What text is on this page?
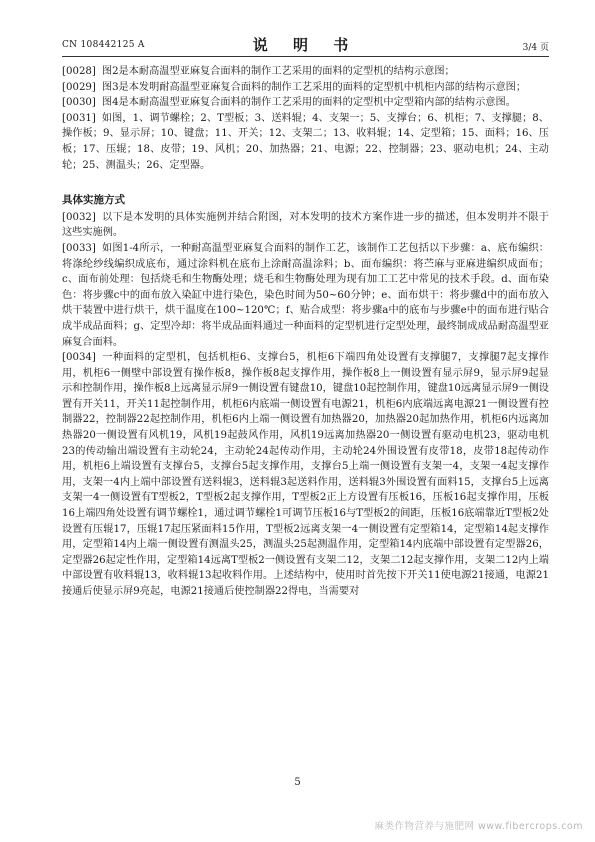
CN 108442125 A	说 明 书	3/4 页

[0028] 图2是本耐高温型亚麻复合面料的制作工艺采用的面料的定型机的结构示意图；

[0029] 图3是本发明耐高温型亚麻复合面料的制作工艺采用的面料的定型机中机柜内部的结构示意图；

[0030] 图4是本耐高温型亚麻复合面料的制作工艺采用的面料的定型机中定型箱内部的结构示意图。

[0031] 如图，1、调节螺栓；2、T型板；3、送料辊；4、支架一；5、支撑台；6、机柜；7、支撑腿；8、操作板；9、显示屏；10、键盘；11、开关；12、支架二；13、收料辊；14、定型箱；15、面料；16、压板；17、压辊；18、皮带；19、风机；20、加热器；21、电源；22、控制器；23、驱动电机；24、主动轮；25、测温头；26、定型器。

具体实施方式

[0032] 以下是本发明的具体实施例并结合附图，对本发明的技术方案作进一步的描述，但本发明并不限于这些实施例。

[0033] 如图1-4所示，一种耐高温型亚麻复合面料的制作工艺，该制作工艺包括以下步骤：a、底布编织：将涤纶纱线编织成底布，通过涂料机在底布上涂耐高温涂料；b、面布编织：将苎麻与亚麻进编织成面布；c、面布前处理：包括烧毛和生物酶处理；烧毛和生物酶处理为现有加工工艺中常见的技术手段。d、面布染色：将步骤c中的面布放入染缸中进行染色，染色时间为50~60分钟；e、面布烘干：将步骤d中的面布放入烘干装置中进行烘干，烘干温度在100~120℃；f、贴合成型：将步骤a中的底布与步骤e中的面布进行贴合成半成品面料；g、定型冷却：将半成品面料通过一种面料的定型机进行定型处理，最终制成成品耐高温型亚麻复合面料。

[0034] 一种面料的定型机，包括机柜6、支撑台5，机柜6下端四角处设置有支撑腿7，支撑腿7起支撑作用，机柜6一侧壁中部设置有操作板8，操作板8起支撑作用，操作板8上一侧设置有显示屏9，显示屏9起显示和控制作用，操作板8上远离显示屏9一侧设置有键盘10，键盘10起控制作用，键盘10远离显示屏9一侧设置有开关11，开关11起控制作用，机柜6内底端一侧设置有电源21，机柜6内底端远离电源21一侧设置有控制器22，控制器22起控制作用，机柜6内上端一侧设置有加热器20，加热器20起加热作用，机柜6内远离加热器20一侧设置有风机19，风机19起鼓风作用，风机19远离加热器20一侧设置有驱动电机23，驱动电机23的传动输出端设置有主动轮24，主动轮24起传动作用，主动轮24外围设置有皮带18，皮带18起传动作用，机柜6上端设置有支撑台5，支撑台5起支撑作用，支撑台5上端一侧设置有支架一4，支架一4起支撑作用，支架一4内上端中部设置有送料辊3，送料辊3起送料作用，送料辊3外围设置有面料15，支撑台5上远离支架一4一侧设置有T型板2，T型板2起支撑作用，T型板2正上方设置有压板16，压板16起支撑作用，压板16上端四角处设置有调节螺栓1，通过调节螺栓1可调节压板16与T型板2的间距，压板16底端靠近T型板2处设置有压辊17，压辊17起压紧面料15作用，T型板2远离支架一4一侧设置有定型箱14，定型箱14起支撑作用，定型箱14内上端一侧设置有测温头25，测温头25起测温作用，定型箱14内底端中部设置有定型器26，定型器26起定性作用，定型箱14远离T型板2一侧设置有支架二12，支架二12起支撑作用，支架二12内上端中部设置有收料辊13，收料辊13起收料作用。上述结构中，使用时首先按下开关11使电源21接通，电源21接通后使显示屏9亮起，电源21接通后使控制器22得电，当需要对

5
麻类作物营养与施肥网 www.fibercrops.com
